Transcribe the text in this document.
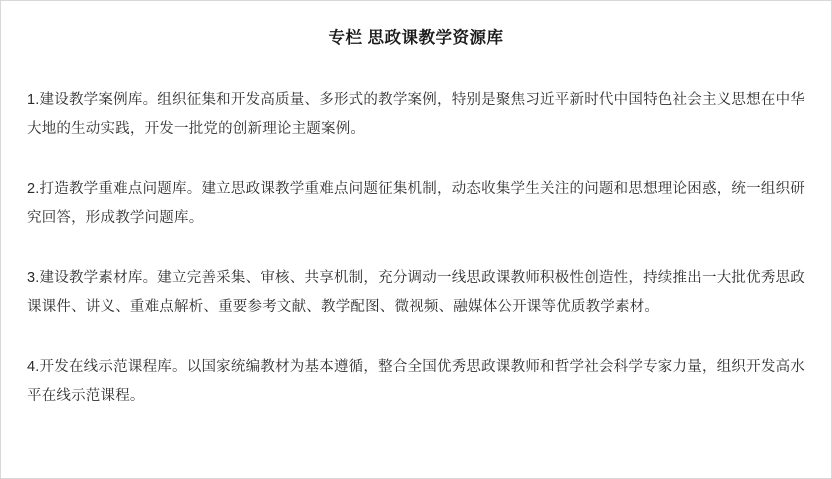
专栏 思政课教学资源库

1.建设教学案例库。组织征集和开发高质量、多形式的教学案例，特别是聚焦习近平新时代中国特色社会主义思想在中华大地的生动实践，开发一批党的创新理论主题案例。

2.打造教学重难点问题库。建立思政课教学重难点问题征集机制，动态收集学生关注的问题和思想理论困惑，统一组织研究回答，形成教学问题库。

3.建设教学素材库。建立完善采集、审核、共享机制，充分调动一线思政课教师积极性创造性，持续推出一大批优秀思政课课件、讲义、重难点解析、重要参考文献、教学配图、微视频、融媒体公开课等优质教学素材。

4.开发在线示范课程库。以国家统编教材为基本遵循，整合全国优秀思政课教师和哲学社会科学专家力量，组织开发高水平在线示范课程。
